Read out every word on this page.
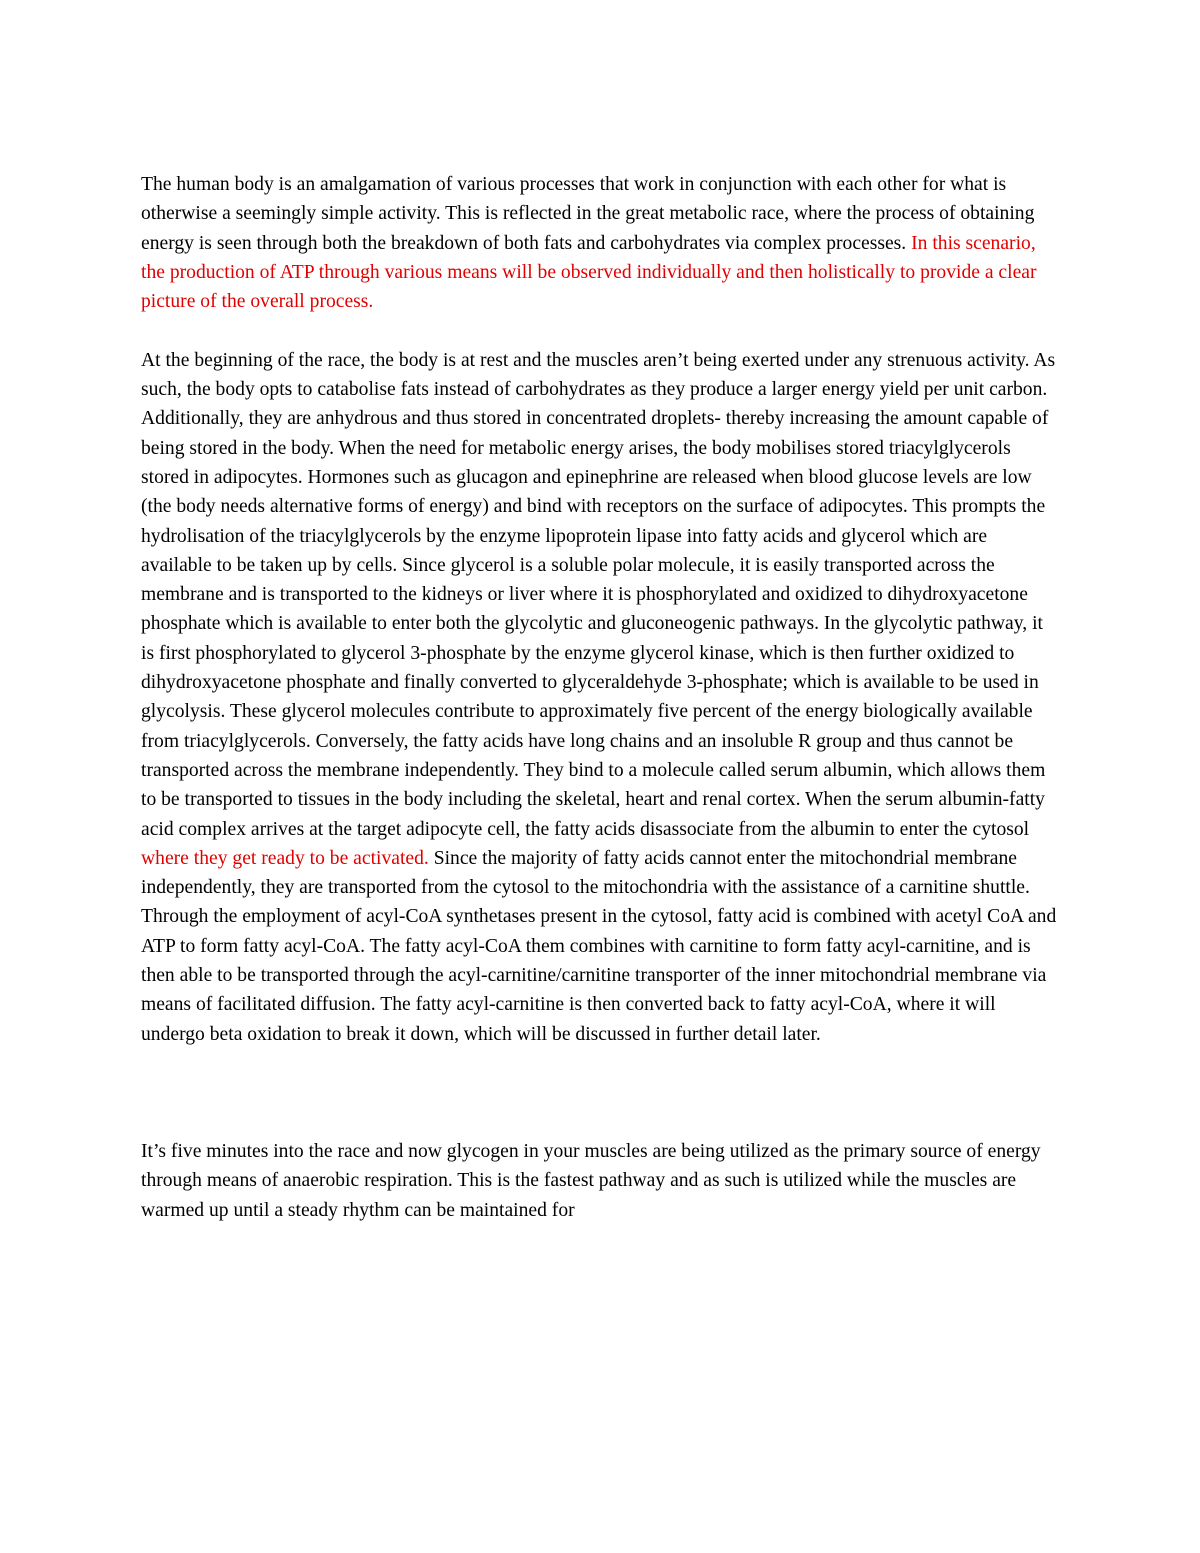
The human body is an amalgamation of various processes that work in conjunction with each other for what is otherwise a seemingly simple activity. This is reflected in the great metabolic race, where the process of obtaining energy is seen through both the breakdown of both fats and carbohydrates via complex processes. In this scenario, the production of ATP through various means will be observed individually and then holistically to provide a clear picture of the overall process.

At the beginning of the race, the body is at rest and the muscles aren’t being exerted under any strenuous activity. As such, the body opts to catabolise fats instead of carbohydrates as they produce a larger energy yield per unit carbon. Additionally, they are anhydrous and thus stored in concentrated droplets- thereby increasing the amount capable of being stored in the body. When the need for metabolic energy arises, the body mobilises stored triacylglycerols stored in adipocytes. Hormones such as glucagon and epinephrine are released when blood glucose levels are low (the body needs alternative forms of energy) and bind with receptors on the surface of adipocytes. This prompts the hydrolisation of the triacylglycerols by the enzyme lipoprotein lipase into fatty acids and glycerol which are available to be taken up by cells. Since glycerol is a soluble polar molecule, it is easily transported across the membrane and is transported to the kidneys or liver where it is phosphorylated and oxidized to dihydroxyacetone phosphate which is available to enter both the glycolytic and gluconeogenic pathways. In the glycolytic pathway, it is first phosphorylated to glycerol 3-phosphate by the enzyme glycerol kinase, which is then further oxidized to dihydroxyacetone phosphate and finally converted to glyceraldehyde 3-phosphate; which is available to be used in glycolysis. These glycerol molecules contribute to approximately five percent of the energy biologically available from triacylglycerols. Conversely, the fatty acids have long chains and an insoluble R group and thus cannot be transported across the membrane independently. They bind to a molecule called serum albumin, which allows them to be transported to tissues in the body including the skeletal, heart and renal cortex. When the serum albumin-fatty acid complex arrives at the target adipocyte cell, the fatty acids disassociate from the albumin to enter the cytosol where they get ready to be activated. Since the majority of fatty acids cannot enter the mitochondrial membrane independently, they are transported from the cytosol to the mitochondria with the assistance of a carnitine shuttle. Through the employment of acyl-CoA synthetases present in the cytosol, fatty acid is combined with acetyl CoA and ATP to form fatty acyl-CoA. The fatty acyl-CoA them combines with carnitine to form fatty acyl-carnitine, and is then able to be transported through the acyl-carnitine/carnitine transporter of the inner mitochondrial membrane via means of facilitated diffusion. The fatty acyl-carnitine is then converted back to fatty acyl-CoA, where it will undergo beta oxidation to break it down, which will be discussed in further detail later.

It’s five minutes into the race and now glycogen in your muscles are being utilized as the primary source of energy through means of anaerobic respiration. This is the fastest pathway and as such is utilized while the muscles are warmed up until a steady rhythm can be maintained for
